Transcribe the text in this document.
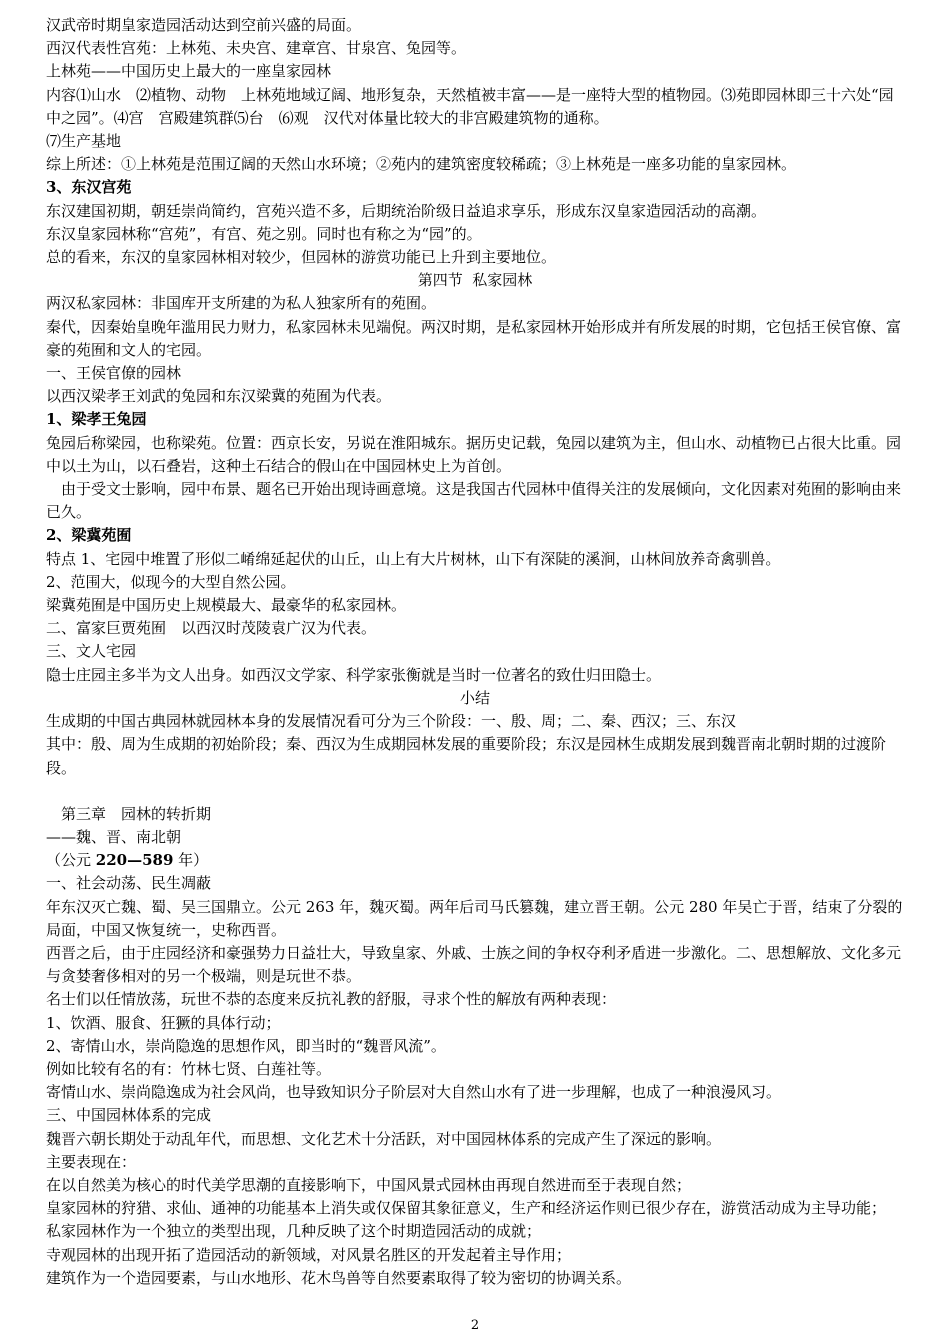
汉武帝时期皇家造园活动达到空前兴盛的局面。

西汉代表性宫苑：上林苑、未央宫、建章宫、甘泉宫、兔园等。

上林苑——中国历史上最大的一座皇家园林

内容⑴山水　⑵植物、动物　上林苑地域辽阔、地形复杂，天然植被丰富——是一座特大型的植物园。⑶苑即园林即三十六处“园中之园”。⑷宫　宫殿建筑群⑸台　⑹观　汉代对体量比较大的非宫殿建筑物的通称。

⑺生产基地

综上所述：①上林苑是范围辽阔的天然山水环境；②苑内的建筑密度较稀疏；③上林苑是一座多功能的皇家园林。

3、东汉宫苑

东汉建国初期，朝廷崇尚简约，宫苑兴造不多，后期统治阶级日益追求享乐，形成东汉皇家造园活动的高潮。

东汉皇家园林称“宫苑”，有宫、苑之别。同时也有称之为“园”的。

总的看来，东汉的皇家园林相对较少，但园林的游赏功能已上升到主要地位。

第四节  私家园林

两汉私家园林：非国库开支所建的为私人独家所有的苑囿。

秦代，因秦始皇晚年滥用民力财力，私家园林未见端倪。两汉时期，是私家园林开始形成并有所发展的时期，它包括王侯官僚、富豪的苑囿和文人的宅园。

一、王侯官僚的园林

以西汉梁孝王刘武的兔园和东汉梁冀的苑囿为代表。

1、梁孝王兔园

兔园后称梁园，也称梁苑。位置：西京长安，另说在淮阳城东。据历史记载，兔园以建筑为主，但山水、动植物已占很大比重。园中以土为山，以石叠岩，这种土石结合的假山在中国园林史上为首创。

　由于受文士影响，园中布景、题名已开始出现诗画意境。这是我国古代园林中值得关注的发展倾向，文化因素对苑囿的影响由来已久。

2、梁冀苑囿

特点 1、宅园中堆置了形似二崤绵延起伏的山丘，山上有大片树林，山下有深陡的溪涧，山林间放养奇禽驯兽。

2、范围大，似现今的大型自然公园。

梁冀苑囿是中国历史上规模最大、最豪华的私家园林。

二、富家巨贾苑囿　以西汉时茂陵袁广汉为代表。

三、文人宅园

隐士庄园主多半为文人出身。如西汉文学家、科学家张衡就是当时一位著名的致仕归田隐士。

小结

生成期的中国古典园林就园林本身的发展情况看可分为三个阶段：一、殷、周；二、秦、西汉；三、东汉

其中：殷、周为生成期的初始阶段；秦、西汉为生成期园林发展的重要阶段；东汉是园林生成期发展到魏晋南北朝时期的过渡阶段。

　第三章　园林的转折期

——魏、晋、南北朝

（公元 220—589 年）

一、社会动荡、民生凋蔽

年东汉灭亡魏、蜀、吴三国鼎立。公元 263 年，魏灭蜀。两年后司马氏篡魏，建立晋王朝。公元 280 年吴亡于晋，结束了分裂的局面，中国又恢复统一，史称西晋。

西晋之后，由于庄园经济和豪强势力日益壮大，导致皇家、外戚、士族之间的争权夺利矛盾进一步激化。二、思想解放、文化多元

与贪婪奢侈相对的另一个极端，则是玩世不恭。

名士们以任情放荡，玩世不恭的态度来反抗礼教的舒服，寻求个性的解放有两种表现：

1、饮酒、服食、狂獗的具体行动；

2、寄情山水，崇尚隐逸的思想作风，即当时的“魏晋风流”。

例如比较有名的有：竹林七贤、白莲社等。

寄情山水、崇尚隐逸成为社会风尚，也导致知识分子阶层对大自然山水有了进一步理解，也成了一种浪漫风习。

三、中国园林体系的完成

魏晋六朝长期处于动乱年代，而思想、文化艺术十分活跃，对中国园林体系的完成产生了深远的影响。

主要表现在：

在以自然美为核心的时代美学思潮的直接影响下，中国风景式园林由再现自然进而至于表现自然；

皇家园林的狩猎、求仙、通神的功能基本上消失或仅保留其象征意义，生产和经济运作则已很少存在，游赏活动成为主导功能；

私家园林作为一个独立的类型出现，几种反映了这个时期造园活动的成就；

寺观园林的出现开拓了造园活动的新领域，对风景名胜区的开发起着主导作用；

建筑作为一个造园要素，与山水地形、花木鸟兽等自然要素取得了较为密切的协调关系。

2
